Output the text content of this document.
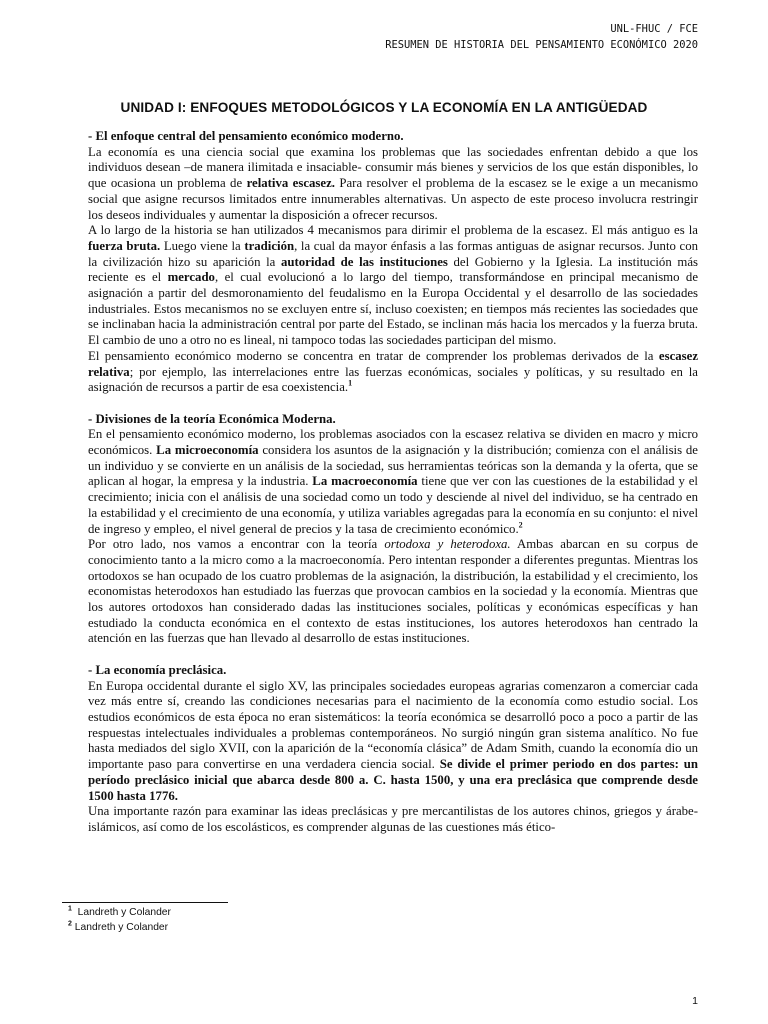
UNL-FHUC / FCE
RESUMEN DE HISTORIA DEL PENSAMIENTO ECONÓMICO 2020
UNIDAD I: ENFOQUES METODOLÓGICOS Y LA ECONOMÍA EN LA ANTIGÜEDAD

- El enfoque central del pensamiento económico moderno.

La economía es una ciencia social que examina los problemas que las sociedades enfrentan debido a que los individuos desean –de manera ilimitada e insaciable- consumir más bienes y servicios de los que están disponibles, lo que ocasiona un problema de relativa escasez. Para resolver el problema de la escasez se le exige a un mecanismo social que asigne recursos limitados entre innumerables alternativas. Un aspecto de este proceso involucra restringir los deseos individuales y aumentar la disposición a ofrecer recursos.

A lo largo de la historia se han utilizados 4 mecanismos para dirimir el problema de la escasez. El más antiguo es la fuerza bruta. Luego viene la tradición, la cual da mayor énfasis a las formas antiguas de asignar recursos. Junto con la civilización hizo su aparición la autoridad de las instituciones del Gobierno y la Iglesia. La institución más reciente es el mercado, el cual evolucionó a lo largo del tiempo, transformándose en principal mecanismo de asignación a partir del desmoronamiento del feudalismo en la Europa Occidental y el desarrollo de las sociedades industriales. Estos mecanismos no se excluyen entre sí, incluso coexisten; en tiempos más recientes las sociedades que se inclinaban hacia la administración central por parte del Estado, se inclinan más hacia los mercados y la fuerza bruta. El cambio de uno a otro no es lineal, ni tampoco todas las sociedades participan del mismo.

El pensamiento económico moderno se concentra en tratar de comprender los problemas derivados de la escasez relativa; por ejemplo, las interrelaciones entre las fuerzas económicas, sociales y políticas, y su resultado en la asignación de recursos a partir de esa coexistencia.$^1$

- Divisiones de la teoría Económica Moderna.

En el pensamiento económico moderno, los problemas asociados con la escasez relativa se dividen en macro y micro económicos. La microeconomía considera los asuntos de la asignación y la distribución; comienza con el análisis de un individuo y se convierte en un análisis de la sociedad, sus herramientas teóricas son la demanda y la oferta, que se aplican al hogar, la empresa y la industria. La macroeconomía tiene que ver con las cuestiones de la estabilidad y el crecimiento; inicia con el análisis de una sociedad como un todo y desciende al nivel del individuo, se ha centrado en la estabilidad y el crecimiento de una economía, y utiliza variables agregadas para la economía en su conjunto: el nivel de ingreso y empleo, el nivel general de precios y la tasa de crecimiento económico.$^2$

Por otro lado, nos vamos a encontrar con la teoría ortodoxa y heterodoxa. Ambas abarcan en su corpus de conocimiento tanto a la micro como a la macroeconomía. Pero intentan responder a diferentes preguntas. Mientras los ortodoxos se han ocupado de los cuatro problemas de la asignación, la distribución, la estabilidad y el crecimiento, los economistas heterodoxos han estudiado las fuerzas que provocan cambios en la sociedad y la economía. Mientras que los autores ortodoxos han considerado dadas las instituciones sociales, políticas y económicas específicas y han estudiado la conducta económica en el contexto de estas instituciones, los autores heterodoxos han centrado la atención en las fuerzas que han llevado al desarrollo de estas instituciones.

- La economía preclásica.

En Europa occidental durante el siglo XV, las principales sociedades europeas agrarias comenzaron a comerciar cada vez más entre sí, creando las condiciones necesarias para el nacimiento de la economía como estudio social. Los estudios económicos de esta época no eran sistemáticos: la teoría económica se desarrolló poco a poco a partir de las respuestas intelectuales individuales a problemas contemporáneos. No surgió ningún gran sistema analítico. No fue hasta mediados del siglo XVII, con la aparición de la “economía clásica” de Adam Smith, cuando la economía dio un importante paso para convertirse en una verdadera ciencia social. Se divide el primer periodo en dos partes: un período preclásico inicial que abarca desde 800 a. C. hasta 1500, y una era preclásica que comprende desde 1500 hasta 1776.

Una importante razón para examinar las ideas preclásicas y pre mercantilistas de los autores chinos, griegos y árabe-islámicos, así como de los escolásticos, es comprender algunas de las cuestiones más ético-

$^1$ Landreth y Colander
$^2$ Landreth y Colander
1
